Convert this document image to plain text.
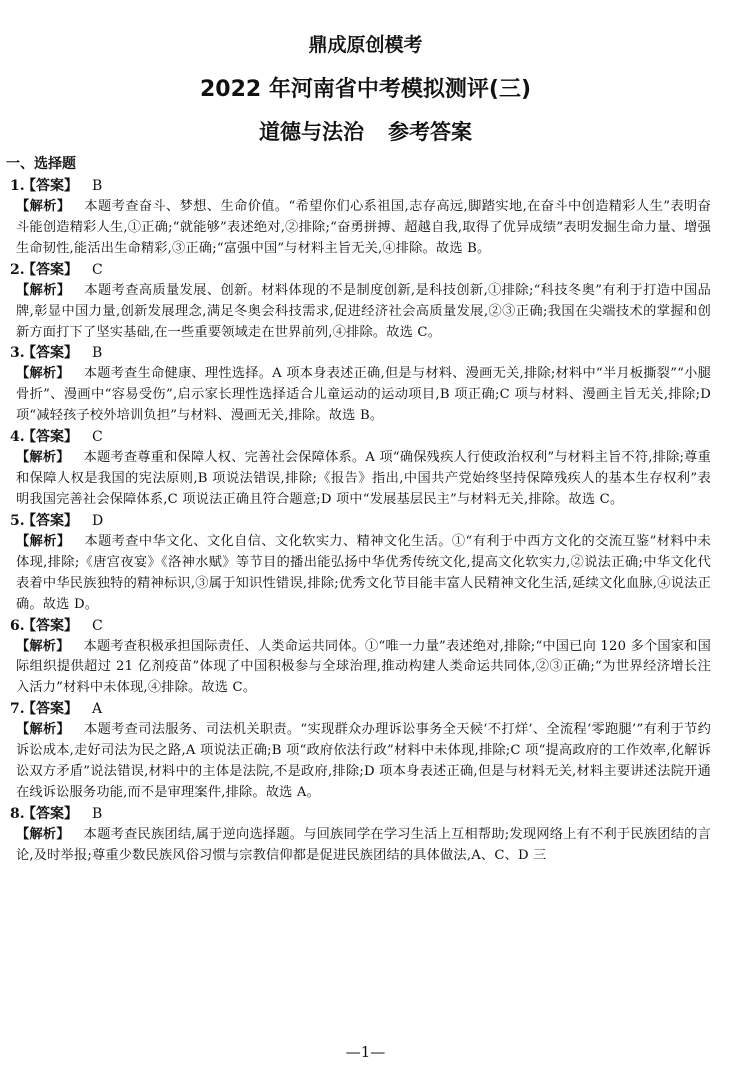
鼎成原创模考
2022 年河南省中考模拟测评(三)
道德与法治 参考答案
一、选择题
1.
【答案】 B

【解析】 本题考查奋斗、梦想、生命价值。“希望你们心系祖国,志存高远,脚踏实地,在奋斗中创造精彩人生”表明奋斗能创造精彩人生,①正确;“就能够”表述绝对,②排除;“奋勇拼搏、超越自我,取得了优异成绩”表明发掘生命力量、增强生命韧性,能活出生命精彩,③正确;“富强中国”与材料主旨无关,④排除。故选 B。

2.
【答案】 C

【解析】 本题考查高质量发展、创新。材料体现的不是制度创新,是科技创新,①排除;“科技冬奥”有利于打造中国品牌,彰显中国力量,创新发展理念,满足冬奥会科技需求,促进经济社会高质量发展,②③正确;我国在尖端技术的掌握和创新方面打下了坚实基础,在一些重要领域走在世界前列,④排除。故选 C。

3.
【答案】 B

【解析】 本题考查生命健康、理性选择。A 项本身表述正确,但是与材料、漫画无关,排除;材料中“半月板撕裂”“小腿骨折”、漫画中“容易受伤”,启示家长理性选择适合儿童运动的运动项目,B 项正确;C 项与材料、漫画主旨无关,排除;D 项“减轻孩子校外培训负担”与材料、漫画无关,排除。故选 B。

4.
【答案】 C

【解析】 本题考查尊重和保障人权、完善社会保障体系。A 项“确保残疾人行使政治权利”与材料主旨不符,排除;尊重和保障人权是我国的宪法原则,B 项说法错误,排除;《报告》指出,中国共产党始终坚持保障残疾人的基本生存权利”表明我国完善社会保障体系,C 项说法正确且符合题意;D 项中“发展基层民主”与材料无关,排除。故选 C。

5.
【答案】 D

【解析】 本题考查中华文化、文化自信、文化软实力、精神文化生活。①“有利于中西方文化的交流互鉴”材料中未体现,排除;《唐宫夜宴》《洛神水赋》等节目的播出能弘扬中华优秀传统文化,提高文化软实力,②说法正确;中华文化代表着中华民族独特的精神标识,③属于知识性错误,排除;优秀文化节目能丰富人民精神文化生活,延续文化血脉,④说法正确。故选 D。

6.
【答案】 C

【解析】 本题考查积极承担国际责任、人类命运共同体。①“唯一力量”表述绝对,排除;“中国已向 120 多个国家和国际组织提供超过 21 亿剂疫苗”体现了中国积极参与全球治理,推动构建人类命运共同体,②③正确;“为世界经济增长注入活力”材料中未体现,④排除。故选 C。

7.
【答案】 A

【解析】 本题考查司法服务、司法机关职责。“实现群众办理诉讼事务全天候‘不打烊’、全流程‘零跑腿’”有利于节约诉讼成本,走好司法为民之路,A 项说法正确;B 项“政府依法行政”材料中未体现,排除;C 项“提高政府的工作效率,化解诉讼双方矛盾”说法错误,材料中的主体是法院,不是政府,排除;D 项本身表述正确,但是与材料无关,材料主要讲述法院开通在线诉讼服务功能,而不是审理案件,排除。故选 A。

8.
【答案】 B

【解析】 本题考查民族团结,属于逆向选择题。与回族同学在学习生活上互相帮助;发现网络上有不利于民族团结的言论,及时举报;尊重少数民族风俗习惯与宗教信仰都是促进民族团结的具体做法,A、C、D 三

—1—
